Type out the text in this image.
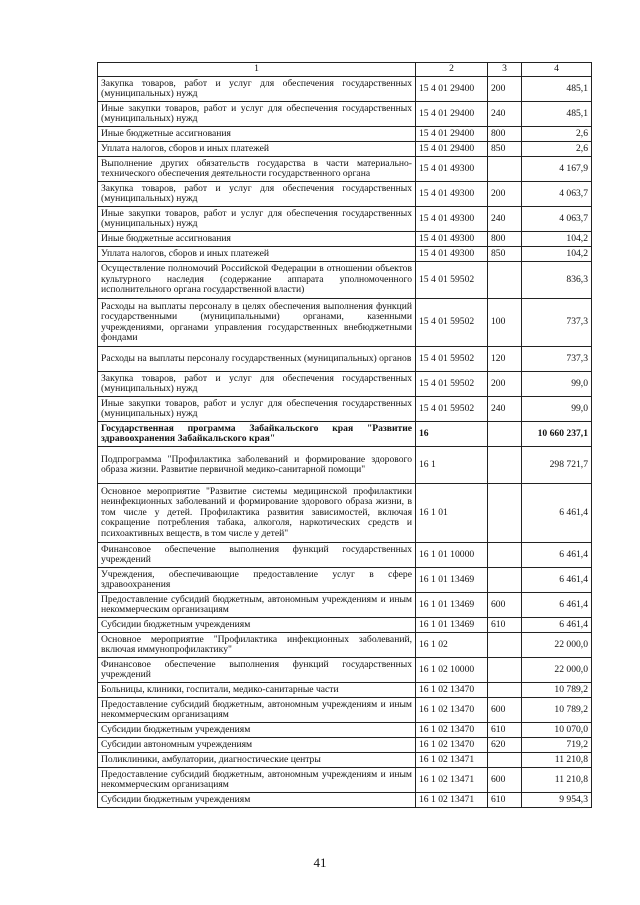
1	2	3	4
Закупка товаров, работ и услуг для обеспечения государственных (муниципальных) нужд	15 4 01 29400	200	485,1
Иные закупки товаров, работ и услуг для обеспечения государственных (муниципальных) нужд	15 4 01 29400	240	485,1
Иные бюджетные ассигнования	15 4 01 29400	800	2,6
Уплата налогов, сборов и иных платежей	15 4 01 29400	850	2,6
Выполнение других обязательств государства в части материально-технического обеспечения деятельности государственного органа	15 4 01 49300		4 167,9
Закупка товаров, работ и услуг для обеспечения государственных (муниципальных) нужд	15 4 01 49300	200	4 063,7
Иные закупки товаров, работ и услуг для обеспечения государственных (муниципальных) нужд	15 4 01 49300	240	4 063,7
Иные бюджетные ассигнования	15 4 01 49300	800	104,2
Уплата налогов, сборов и иных платежей	15 4 01 49300	850	104,2
Осуществление полномочий Российской Федерации в отношении объектов культурного наследия (содержание аппарата уполномоченного исполнительного органа государственной власти)	15 4 01 59502		836,3
Расходы на выплаты персоналу в целях обеспечения выполнения функций государственными (муниципальными) органами, казенными учреждениями, органами управления государственных внебюджетными фондами	15 4 01 59502	100	737,3
Расходы на выплаты персоналу государственных (муниципальных) органов	15 4 01 59502	120	737,3
Закупка товаров, работ и услуг для обеспечения государственных (муниципальных) нужд	15 4 01 59502	200	99,0
Иные закупки товаров, работ и услуг для обеспечения государственных (муниципальных) нужд	15 4 01 59502	240	99,0
Государственная программа Забайкальского края "Развитие здравоохранения Забайкальского края"	16		10 660 237,1
Подпрограмма "Профилактика заболеваний и формирование здорового образа жизни. Развитие первичной медико-санитарной помощи"	16 1		298 721,7
Основное мероприятие "Развитие системы медицинской профилактики неинфекционных заболеваний и формирование здорового образа жизни, в том числе у детей. Профилактика развития зависимостей, включая сокращение потребления табака, алкоголя, наркотических средств и психоактивных веществ, в том числе у детей"	16 1 01		6 461,4
Финансовое обеспечение выполнения функций государственных учреждений	16 1 01 10000		6 461,4
Учреждения, обеспечивающие предоставление услуг в сфере здравоохранения	16 1 01 13469		6 461,4
Предоставление субсидий бюджетным, автономным учреждениям и иным некоммерческим организациям	16 1 01 13469	600	6 461,4
Субсидии бюджетным учреждениям	16 1 01 13469	610	6 461,4
Основное мероприятие "Профилактика инфекционных заболеваний, включая иммунопрофилактику"	16 1 02		22 000,0
Финансовое обеспечение выполнения функций государственных учреждений	16 1 02 10000		22 000,0
Больницы, клиники, госпитали, медико-санитарные части	16 1 02 13470		10 789,2
Предоставление субсидий бюджетным, автономным учреждениям и иным некоммерческим организациям	16 1 02 13470	600	10 789,2
Субсидии бюджетным учреждениям	16 1 02 13470	610	10 070,0
Субсидии автономным учреждениям	16 1 02 13470	620	719,2
Поликлиники, амбулатории, диагностические центры	16 1 02 13471		11 210,8
Предоставление субсидий бюджетным, автономным учреждениям и иным некоммерческим организациям	16 1 02 13471	600	11 210,8
Субсидии бюджетным учреждениям	16 1 02 13471	610	9 954,3
41
